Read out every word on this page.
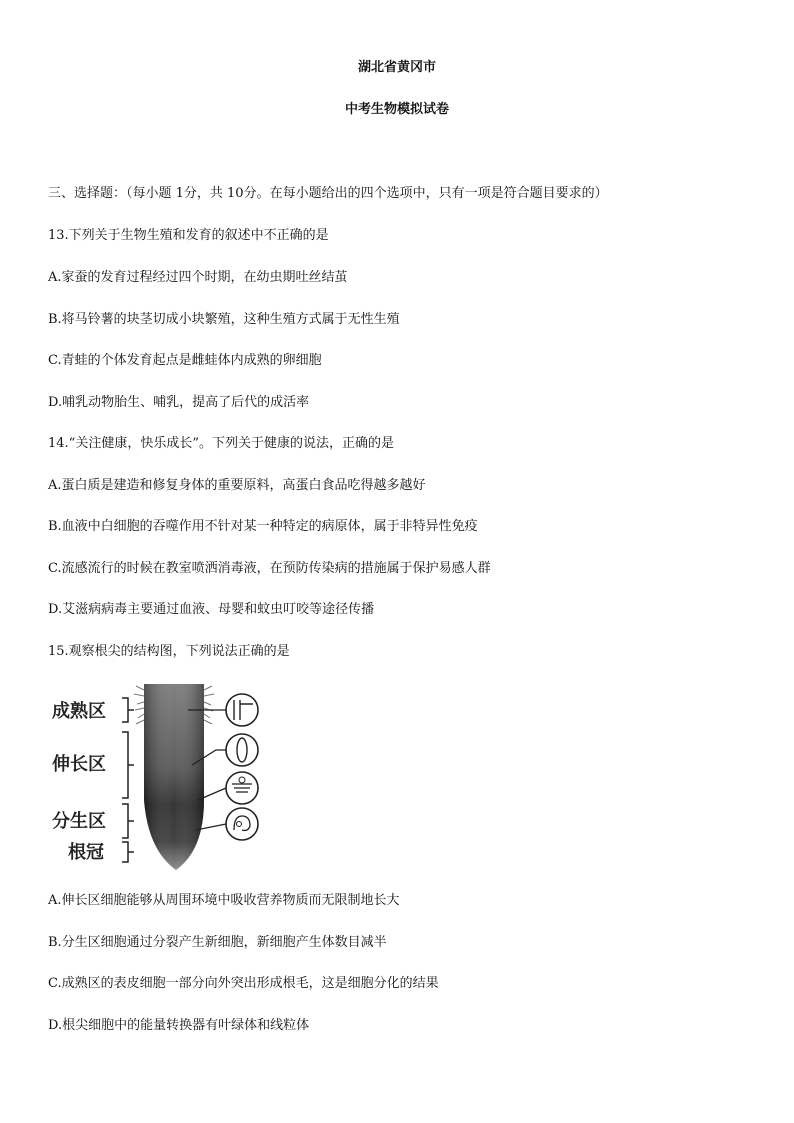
湖北省黄冈市
中考生物模拟试卷
三、选择题：（每小题 1分，共 10分。在每小题给出的四个选项中，只有一项是符合题目要求的）
13.下列关于生物生殖和发育的叙述中不正确的是
A.家蚕的发育过程经过四个时期，在幼虫期吐丝结茧
B.将马铃薯的块茎切成小块繁殖，这种生殖方式属于无性生殖
C.青蛙的个体发育起点是雌蛙体内成熟的卵细胞
D.哺乳动物胎生、哺乳，提高了后代的成活率
14.“关注健康，快乐成长”。下列关于健康的说法，正确的是
A.蛋白质是建造和修复身体的重要原料，高蛋白食品吃得越多越好
B.血液中白细胞的吞噬作用不针对某一种特定的病原体，属于非特异性免疫
C.流感流行的时候在教室喷洒消毒液，在预防传染病的措施属于保护易感人群
D.艾滋病病毒主要通过血液、母婴和蚊虫叮咬等途径传播
15.观察根尖的结构图，下列说法正确的是
成熟区
伸长区
分生区
根冠
A.伸长区细胞能够从周围环境中吸收营养物质而无限制地长大
B.分生区细胞通过分裂产生新细胞，新细胞产生体数目减半
C.成熟区的表皮细胞一部分向外突出形成根毛，这是细胞分化的结果
D.根尖细胞中的能量转换器有叶绿体和线粒体
